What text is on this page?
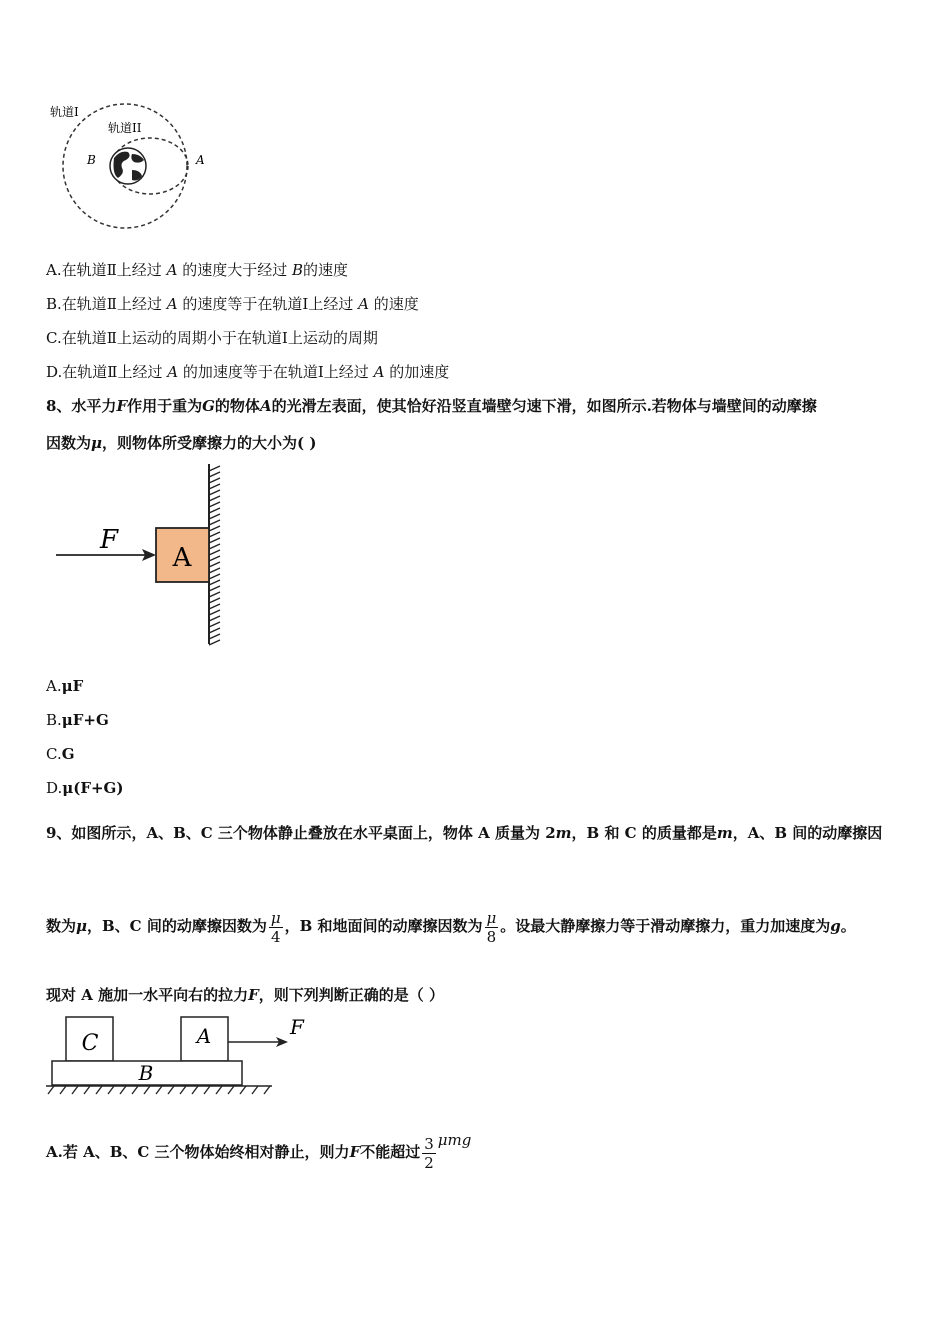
轨道I
轨道II
B	A
A.在轨道Ⅱ上经过 A 的速度大于经过 B的速度
B.在轨道Ⅱ上经过 A 的速度等于在轨道Ⅰ上经过 A 的速度
C.在轨道Ⅱ上运动的周期小于在轨道Ⅰ上运动的周期
D.在轨道Ⅱ上经过 A 的加速度等于在轨道Ⅰ上经过 A 的加速度
8、水平力F作用于重为G的物体A的光滑左表面，使其恰好沿竖直墙壁匀速下滑，如图所示.若物体与墙壁间的动摩擦
因数为μ，则物体所受摩擦力的大小为( )
A
F
A.μF
B.μF+G
C.G
D.μ(F+G)
9、如图所示，A、B、C 三个物体静止叠放在水平桌面上，物体 A 质量为 2m，B 和 C 的质量都是m，A、B 间的动摩擦因
数为μ，B、C 间的动摩擦因数为 $\frac{\mu}{4}$ ，B 和地面间的动摩擦因数为 $\frac{\mu}{8}$ 。设最大静摩擦力等于滑动摩擦力，重力加速度为g。
现对 A 施加一水平向右的拉力F，则下列判断正确的是（ ）
C	A
B
F
A.若 A、B、C 三个物体始终相对静止，则力F不能超过 $\frac{3}{2}$ μmg
